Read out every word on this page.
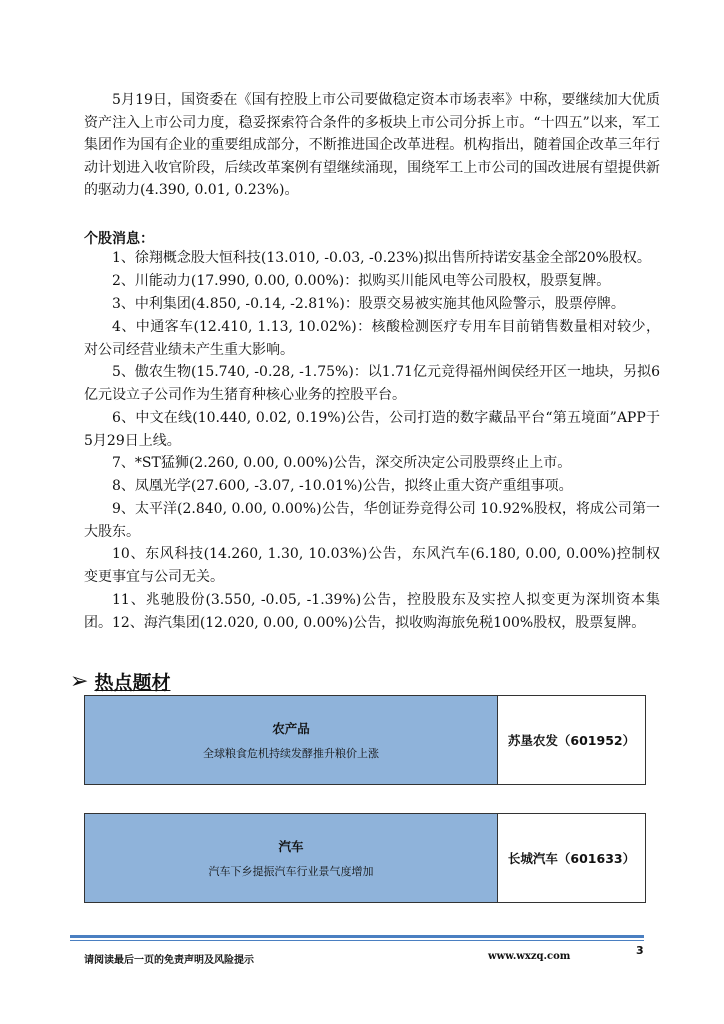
5月19日，国资委在《国有控股上市公司要做稳定资本市场表率》中称，要继续加大优质资产注入上市公司力度，稳妥探索符合条件的多板块上市公司分拆上市。“十四五”以来，军工集团作为国有企业的重要组成部分，不断推进国企改革进程。机构指出，随着国企改革三年行动计划进入收官阶段，后续改革案例有望继续涌现，围绕军工上市公司的国改进展有望提供新的驱动力(4.390, 0.01, 0.23%)。

个股消息：

1、徐翔概念股大恒科技(13.010, -0.03, -0.23%)拟出售所持诺安基金全部20%股权。

2、川能动力(17.990, 0.00, 0.00%)：拟购买川能风电等公司股权，股票复牌。

3、中利集团(4.850, -0.14, -2.81%)：股票交易被实施其他风险警示，股票停牌。

4、中通客车(12.410, 1.13, 10.02%)：核酸检测医疗专用车目前销售数量相对较少，对公司经营业绩未产生重大影响。

5、傲农生物(15.740, -0.28, -1.75%)：以1.71亿元竞得福州闽侯经开区一地块，另拟6亿元设立子公司作为生猪育种核心业务的控股平台。

6、中文在线(10.440, 0.02, 0.19%)公告，公司打造的数字藏品平台“第五境面”APP于5月29日上线。

7、*ST猛狮(2.260, 0.00, 0.00%)公告，深交所决定公司股票终止上市。

8、凤凰光学(27.600, -3.07, -10.01%)公告，拟终止重大资产重组事项。

9、太平洋(2.840, 0.00, 0.00%)公告，华创证券竞得公司 10.92%股权，将成公司第一大股东。

10、东风科技(14.260, 1.30, 10.03%)公告，东风汽车(6.180, 0.00, 0.00%)控制权变更事宜与公司无关。

11、兆驰股份(3.550, -0.05, -1.39%)公告，控股股东及实控人拟变更为深圳资本集团。 12、海汽集团(12.020, 0.00, 0.00%)公告，拟收购海旅免税100%股权，股票复牌。

➢ 热点题材
农产品
全球粮食危机持续发酵推升粮价上涨
苏垦农发（601952）
汽车
汽车下乡提振汽车行业景气度增加
长城汽车（601633）
3
请阅读最后一页的免责声明及风险提示	www.wxzq.com
